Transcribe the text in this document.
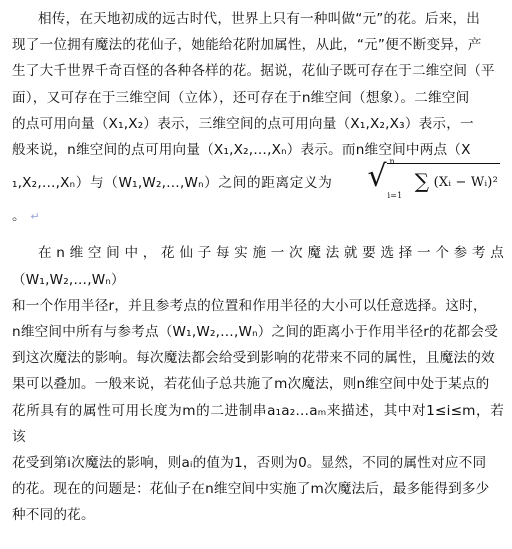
相传，在天地初成的远古时代，世界上只有一种叫做“元”的花。后来，出
现了一位拥有魔法的花仙子，她能给花附加属性，从此，“元”便不断变异，产
生了大千世界千奇百怪的各种各样的花。据说，花仙子既可存在于二维空间（平
面），又可存在于三维空间（立体），还可存在于n维空间（想象）。二维空间
的点可用向量（X₁,X₂）表示，三维空间的点可用向量（X₁,X₂,X₃）表示，一
般来说，n维空间的点可用向量（X₁,X₂,…,Xₙ）表示。而n维空间中两点（X
₁,X₂,…,Xₙ）与（W₁,W₂,…,Wₙ）之间的距离定义为 √ ∑
n
i=1
(Xᵢ − Wᵢ)²。 ↵

在n维空间中，花仙子每实施一次魔法就要选择一个参考点（W₁,W₂,…,Wₙ）
和一个作用半径r，并且参考点的位置和作用半径的大小可以任意选择。这时，
n维空间中所有与参考点（W₁,W₂,…,Wₙ）之间的距离小于作用半径r的花都会受
到这次魔法的影响。每次魔法都会给受到影响的花带来不同的属性，且魔法的效
果可以叠加。一般来说，若花仙子总共施了m次魔法，则n维空间中处于某点的
花所具有的属性可用长度为m的二进制串a₁a₂…aₘ来描述，其中对1≤i≤m，若该
花受到第i次魔法的影响，则aᵢ的值为1，否则为0。显然，不同的属性对应不同
的花。现在的问题是：花仙子在n维空间中实施了m次魔法后，最多能得到多少
种不同的花。
